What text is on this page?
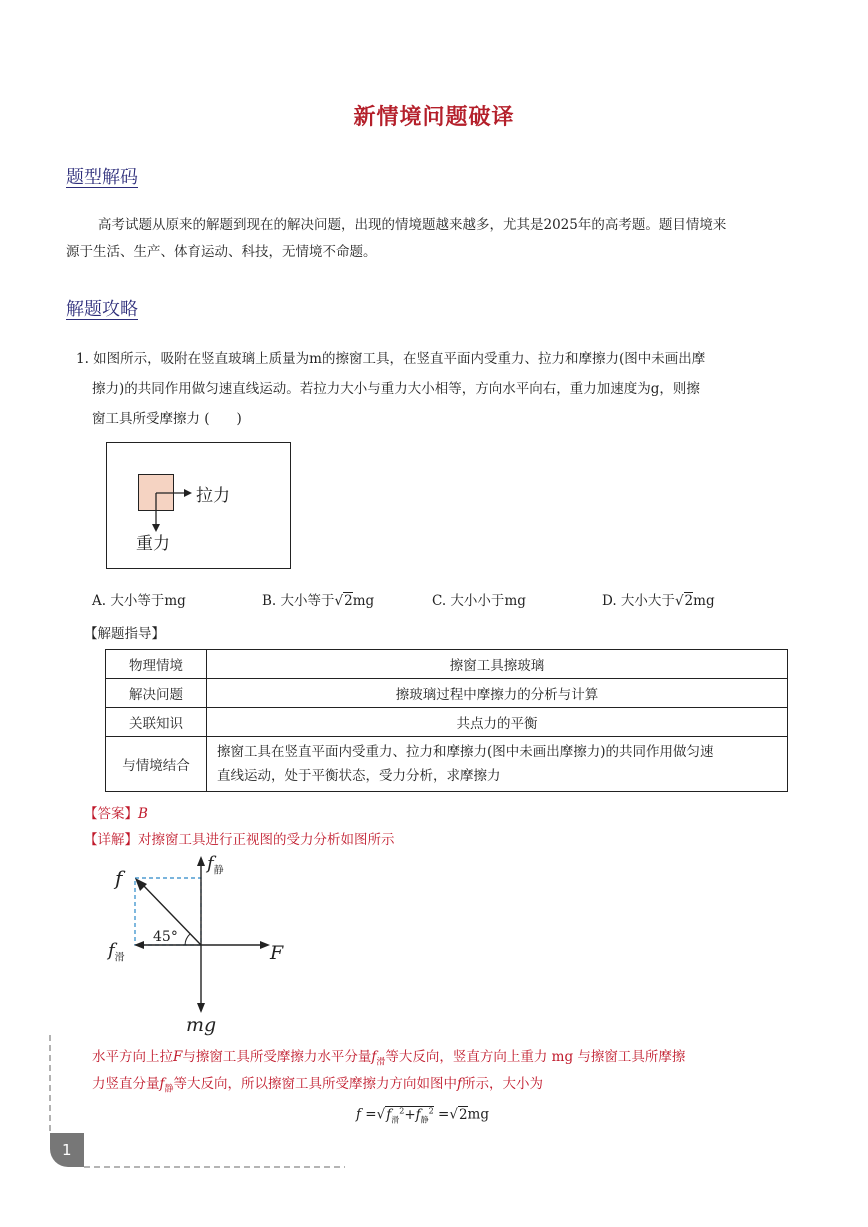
新情境问题破译
题型解码
高考试题从原来的解题到现在的解决问题，出现的情境题越来越多，尤其是2025年的高考题。题目情境来
源于生活、生产、体育运动、科技，无情境不命题。
解题攻略
1. 如图所示，吸附在竖直玻璃上质量为m的擦窗工具，在竖直平面内受重力、拉力和摩擦力(图中未画出摩
擦力)的共同作用做匀速直线运动。若拉力大小与重力大小相等，方向水平向右，重力加速度为g，则擦
窗工具所受摩擦力 (　　)
拉力
重力
A. 大小等于mg	B. 大小等于√2mg	C. 大小小于mg	D. 大小大于√2mg
【解题指导】
物理情境	擦窗工具擦玻璃
解决问题	擦玻璃过程中摩擦力的分析与计算
关联知识	共点力的平衡
与情境结合	擦窗工具在竖直平面内受重力、拉力和摩擦力(图中未画出摩擦力)的共同作用做匀速
直线运动，处于平衡状态，受力分析，求摩擦力
【答案】B
【详解】对擦窗工具进行正视图的受力分析如图所示
f
$f_静$
$f_滑$	F
45°
mg
水平方向上拉F与擦窗工具所受摩擦力水平分量$f_滑$等大反向，竖直方向上重力 mg 与擦窗工具所摩擦
力竖直分量$f_静$等大反向，所以擦窗工具所受摩擦力方向如图中f所示，大小为
$f =√f_滑^2+f_静^2 =√2mg$
1
